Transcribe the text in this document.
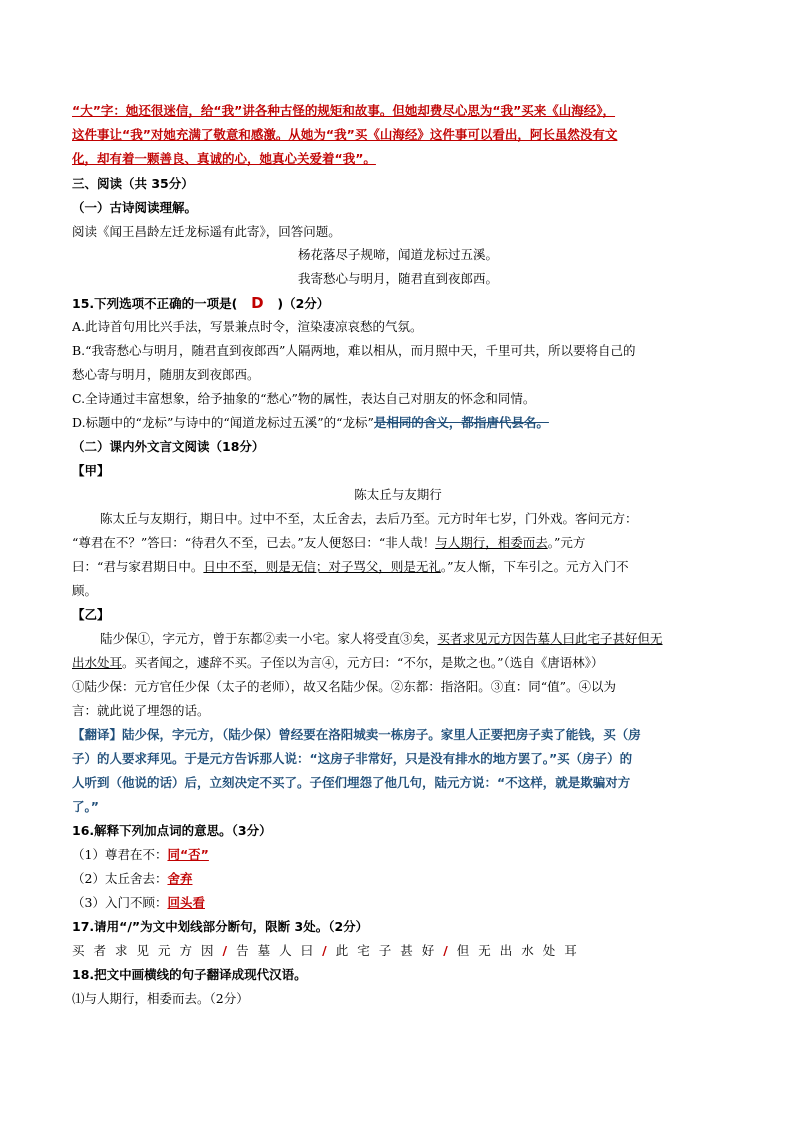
“大”字：她还很迷信，给“我”讲各种古怪的规矩和故事。但她却费尽心思为“我”买来《山海经》，
这件事让“我”对她充满了敬意和感激。从她为“我”买《山海经》这件事可以看出，阿长虽然没有文
化，却有着一颗善良、真诚的心，她真心关爱着“我”。
三、阅读（共 35分）
（一）古诗阅读理解。
阅读《闻王昌龄左迁龙标遥有此寄》，回答问题。
杨花落尽子规啼，闻道龙标过五溪。
我寄愁心与明月，随君直到夜郎西。
15.下列选项不正确的一项是( D )（2分）
A.此诗首句用比兴手法，写景兼点时令，渲染凄凉哀愁的气氛。
B.“我寄愁心与明月，随君直到夜郎西”人隔两地，难以相从，而月照中天，千里可共，所以要将自己的
愁心寄与明月，随朋友到夜郎西。
C.全诗通过丰富想象，给予抽象的“愁心”物的属性，表达自己对朋友的怀念和同情。
D.标题中的“龙标”与诗中的“闻道龙标过五溪”的“龙标”是相同的含义，都指唐代县名。
（二）课内外文言文阅读（18分）
【甲】
陈太丘与友期行
陈太丘与友期行，期日中。过中不至，太丘舍去，去后乃至。元方时年七岁，门外戏。客问元方：
“尊君在不？”答曰：“待君久不至，已去。”友人便怒曰：“非人哉！与人期行，相委而去。”元方
曰：“君与家君期日中。日中不至，则是无信；对子骂父，则是无礼。”友人惭，下车引之。元方入门不
顾。
【乙】
陆少保①，字元方，曾于东都②卖一小宅。家人将受直③矣，买者求见元方因告墓人曰此宅子甚好但无
出水处耳。买者闻之，遽辞不买。子侄以为言④，元方曰：“不尔，是欺之也。”（选自《唐语林》）
①陆少保：元方官任少保（太子的老师），故又名陆少保。②东都：指洛阳。③直：同“值”。④以为
言：就此说了埋怨的话。
【翻译】陆少保，字元方，（陆少保）曾经要在洛阳城卖一栋房子。家里人正要把房子卖了能钱，买（房
子）的人要求拜见。于是元方告诉那人说：“这房子非常好，只是没有排水的地方罢了。”买（房子）的
人听到（他说的话）后，立刻决定不买了。子侄们埋怨了他几句，陆元方说：“不这样，就是欺骗对方
了。”
16.解释下列加点词的意思。（3分）
（1）尊君在不：同“否”
（2）太丘舍去：舍弃
（3）入门不顾：回头看
17.请用“/”为文中划线部分断句，限断 3处。（2分）
买者求见元方因/告墓人曰/此宅子甚好/但无出水处耳
18.把文中画横线的句子翻译成现代汉语。
⑴与人期行，相委而去。（2分）
